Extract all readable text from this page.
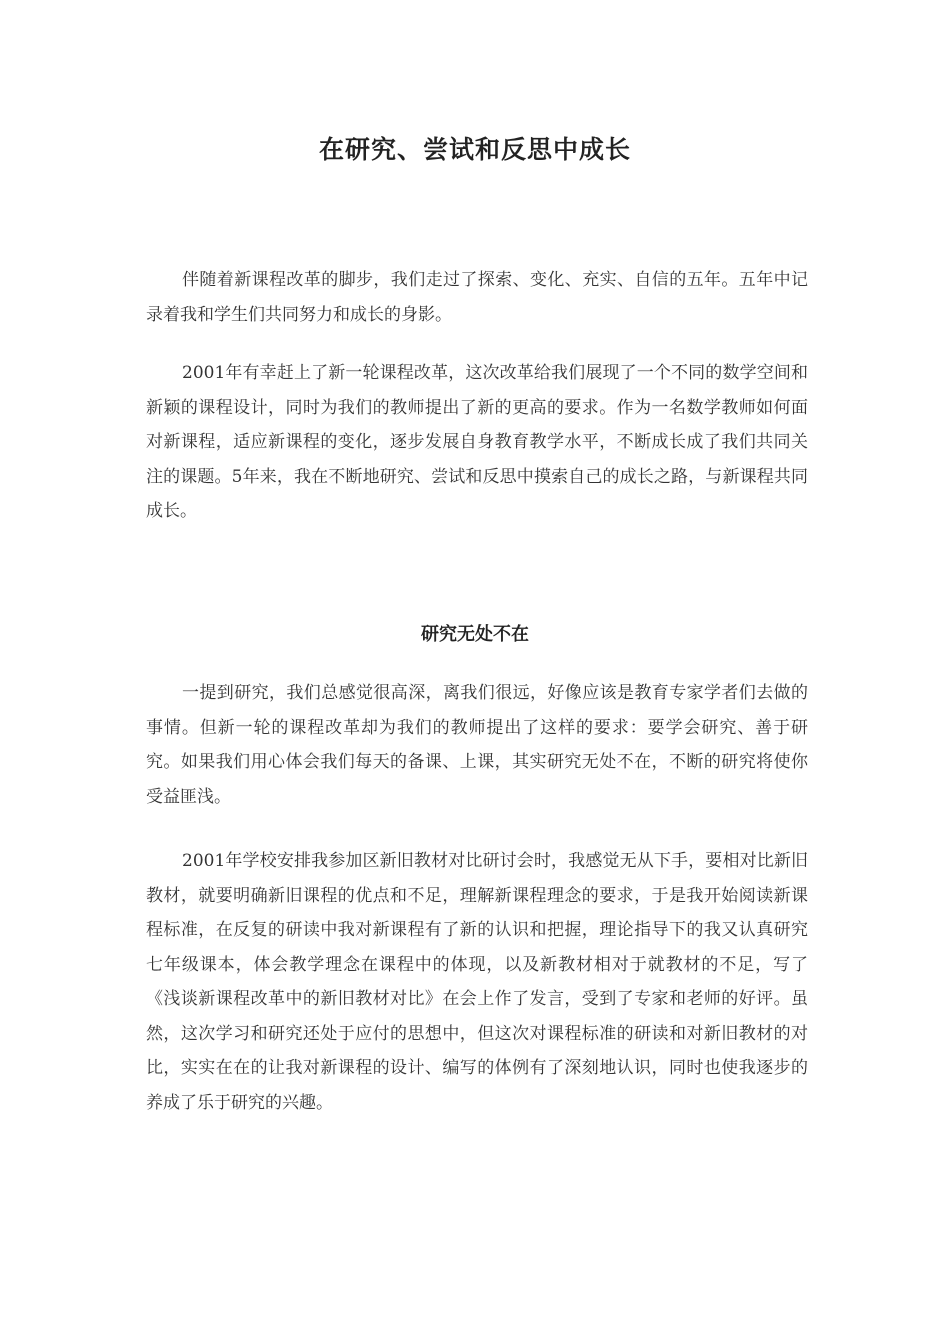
在研究、尝试和反思中成长

伴随着新课程改革的脚步，我们走过了探索、变化、充实、自信的五年。五年中记录着我和学生们共同努力和成长的身影。

2001年有幸赶上了新一轮课程改革，这次改革给我们展现了一个不同的数学空间和新颖的课程设计，同时为我们的教师提出了新的更高的要求。作为一名数学教师如何面对新课程，适应新课程的变化，逐步发展自身教育教学水平，不断成长成了我们共同关注的课题。5年来，我在不断地研究、尝试和反思中摸索自己的成长之路，与新课程共同成长。

研究无处不在

一提到研究，我们总感觉很高深，离我们很远，好像应该是教育专家学者们去做的事情。但新一轮的课程改革却为我们的教师提出了这样的要求：要学会研究、善于研究。如果我们用心体会我们每天的备课、上课，其实研究无处不在，不断的研究将使你受益匪浅。

2001年学校安排我参加区新旧教材对比研讨会时，我感觉无从下手，要相对比新旧教材，就要明确新旧课程的优点和不足，理解新课程理念的要求，于是我开始阅读新课程标准，在反复的研读中我对新课程有了新的认识和把握，理论指导下的我又认真研究七年级课本，体会教学理念在课程中的体现，以及新教材相对于就教材的不足，写了《浅谈新课程改革中的新旧教材对比》在会上作了发言，受到了专家和老师的好评。虽然，这次学习和研究还处于应付的思想中，但这次对课程标准的研读和对新旧教材的对比，实实在在的让我对新课程的设计、编写的体例有了深刻地认识，同时也使我逐步的养成了乐于研究的兴趣。
